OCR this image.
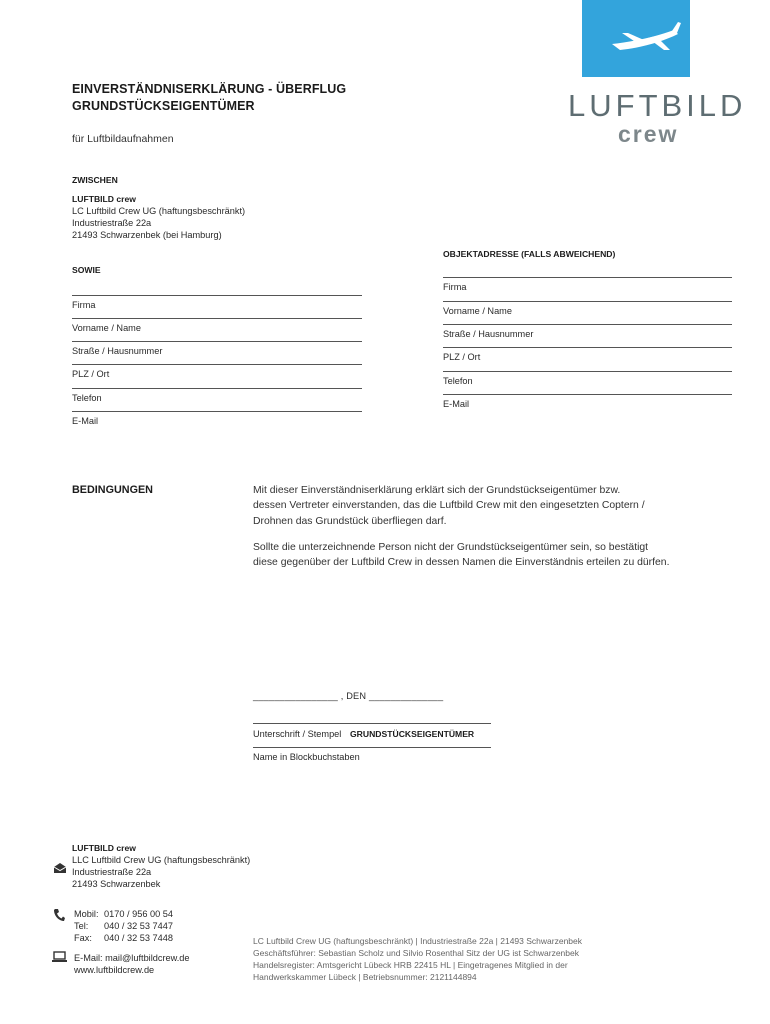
LUFTBILD
crew
EINVERSTÄNDNISERKLÄRUNG - ÜBERFLUG
GRUNDSTÜCKSEIGENTÜMER
für Luftbildaufnahmen
ZWISCHEN
LUFTBILD crew
LC Luftbild Crew UG (haftungsbeschränkt)
Industriestraße 22a
21493 Schwarzenbek (bei Hamburg)
SOWIE
Firma
Vorname / Name
Straße / Hausnummer
PLZ / Ort
Telefon
E-Mail
OBJEKTADRESSE (FALLS ABWEICHEND)
Firma
Vorname / Name
Straße / Hausnummer
PLZ / Ort
Telefon
E-Mail
BEDINGUNGEN	Mit dieser Einverständniserklärung erklärt sich der Grundstückseigentümer bzw.
dessen Vertreter einverstanden, das die Luftbild Crew mit den eingesetzten Coptern /
Drohnen das Grundstück überfliegen darf.
Sollte die unterzeichnende Person nicht der Grundstückseigentümer sein, so bestätigt
diese gegenüber der Luftbild Crew in dessen Namen die Einverständnis erteilen zu dürfen.
________________ , DEN ______________
Unterschrift / Stempel GRUNDSTÜCKSEIGENTÜMER
Name in Blockbuchstaben
LUFTBILD crew
LLC Luftbild Crew UG (haftungsbeschränkt)
Industriestraße 22a
21493 Schwarzenbek
Mobil: 0170 / 956 00 54
Tel: 040 / 32 53 7447
Fax: 040 / 32 53 7448
E-Mail: mail@luftbildcrew.de
www.luftbildcrew.de
LC Luftbild Crew UG (haftungsbeschränkt) | Industriestraße 22a | 21493 Schwarzenbek
Geschäftsführer: Sebastian Scholz und Silvio Rosenthal Sitz der UG ist Schwarzenbek
Handelsregister: Amtsgericht Lübeck HRB 22415 HL | Eingetragenes Mitglied in der
Handwerkskammer Lübeck | Betriebsnummer: 2121144894
